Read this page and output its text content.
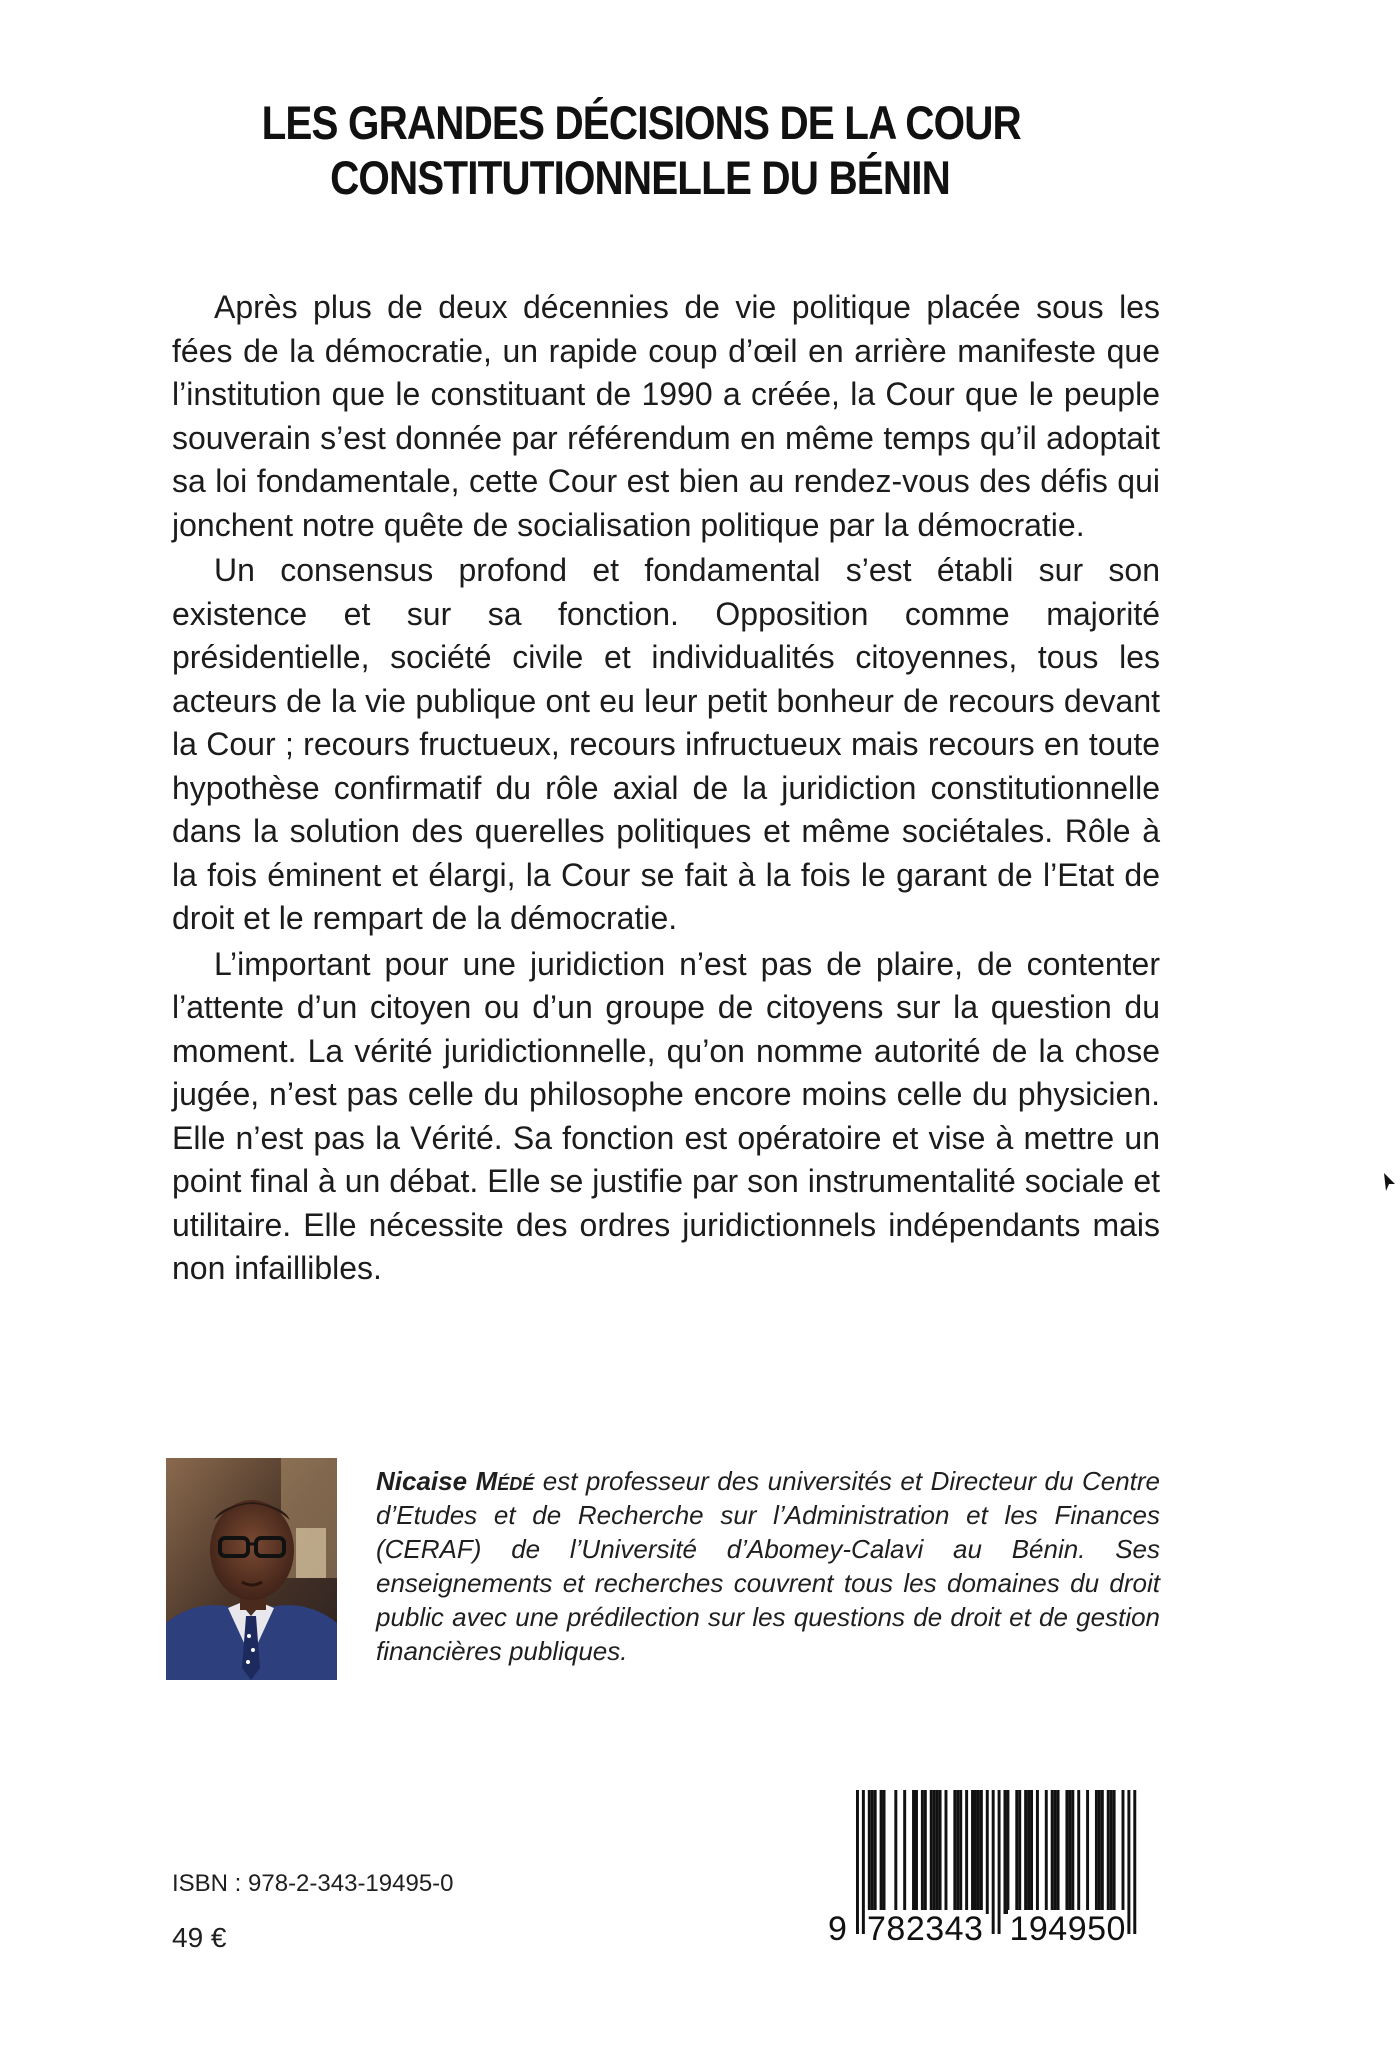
LES GRANDES DÉCISIONS DE LA COUR
CONSTITUTIONNELLE DU BÉNIN

Après plus de deux décennies de vie politique placée sous les fées de la démocratie, un rapide coup d’œil en arrière manifeste que l’institution que le constituant de 1990 a créée, la Cour que le peuple souverain s’est donnée par référendum en même temps qu’il adoptait sa loi fondamentale, cette Cour est bien au rendez-vous des défis qui jonchent notre quête de socialisation politique par la démocratie.

Un consensus profond et fondamental s’est établi sur son existence et sur sa fonction. Opposition comme majorité présidentielle, société civile et individualités citoyennes, tous les acteurs de la vie publique ont eu leur petit bonheur de recours devant la Cour ; recours fructueux, recours infructueux mais recours en toute hypothèse confirmatif du rôle axial de la juridiction constitutionnelle dans la solution des querelles politiques et même sociétales. Rôle à la fois éminent et élargi, la Cour se fait à la fois le garant de l’Etat de droit et le rempart de la démocratie.

L’important pour une juridiction n’est pas de plaire, de contenter l’attente d’un citoyen ou d’un groupe de citoyens sur la question du moment. La vérité juridictionnelle, qu’on nomme autorité de la chose jugée, n’est pas celle du philosophe encore moins celle du physicien. Elle n’est pas la Vérité. Sa fonction est opératoire et vise à mettre un point final à un débat. Elle se justifie par son instrumentalité sociale et utilitaire. Elle nécessite des ordres juridictionnels indépendants mais non infaillibles.

Nicaise Médé est professeur des universités et Directeur du Centre d’Etudes et de Recherche sur l’Administration et les Finances (CERAF) de l’Université d’Abomey-Calavi au Bénin. Ses enseignements et recherches couvrent tous les domaines du droit public avec une prédilection sur les questions de droit et de gestion financières publiques.
ISBN : 978-2-343-19495-0
49 €	9 782343 194950
